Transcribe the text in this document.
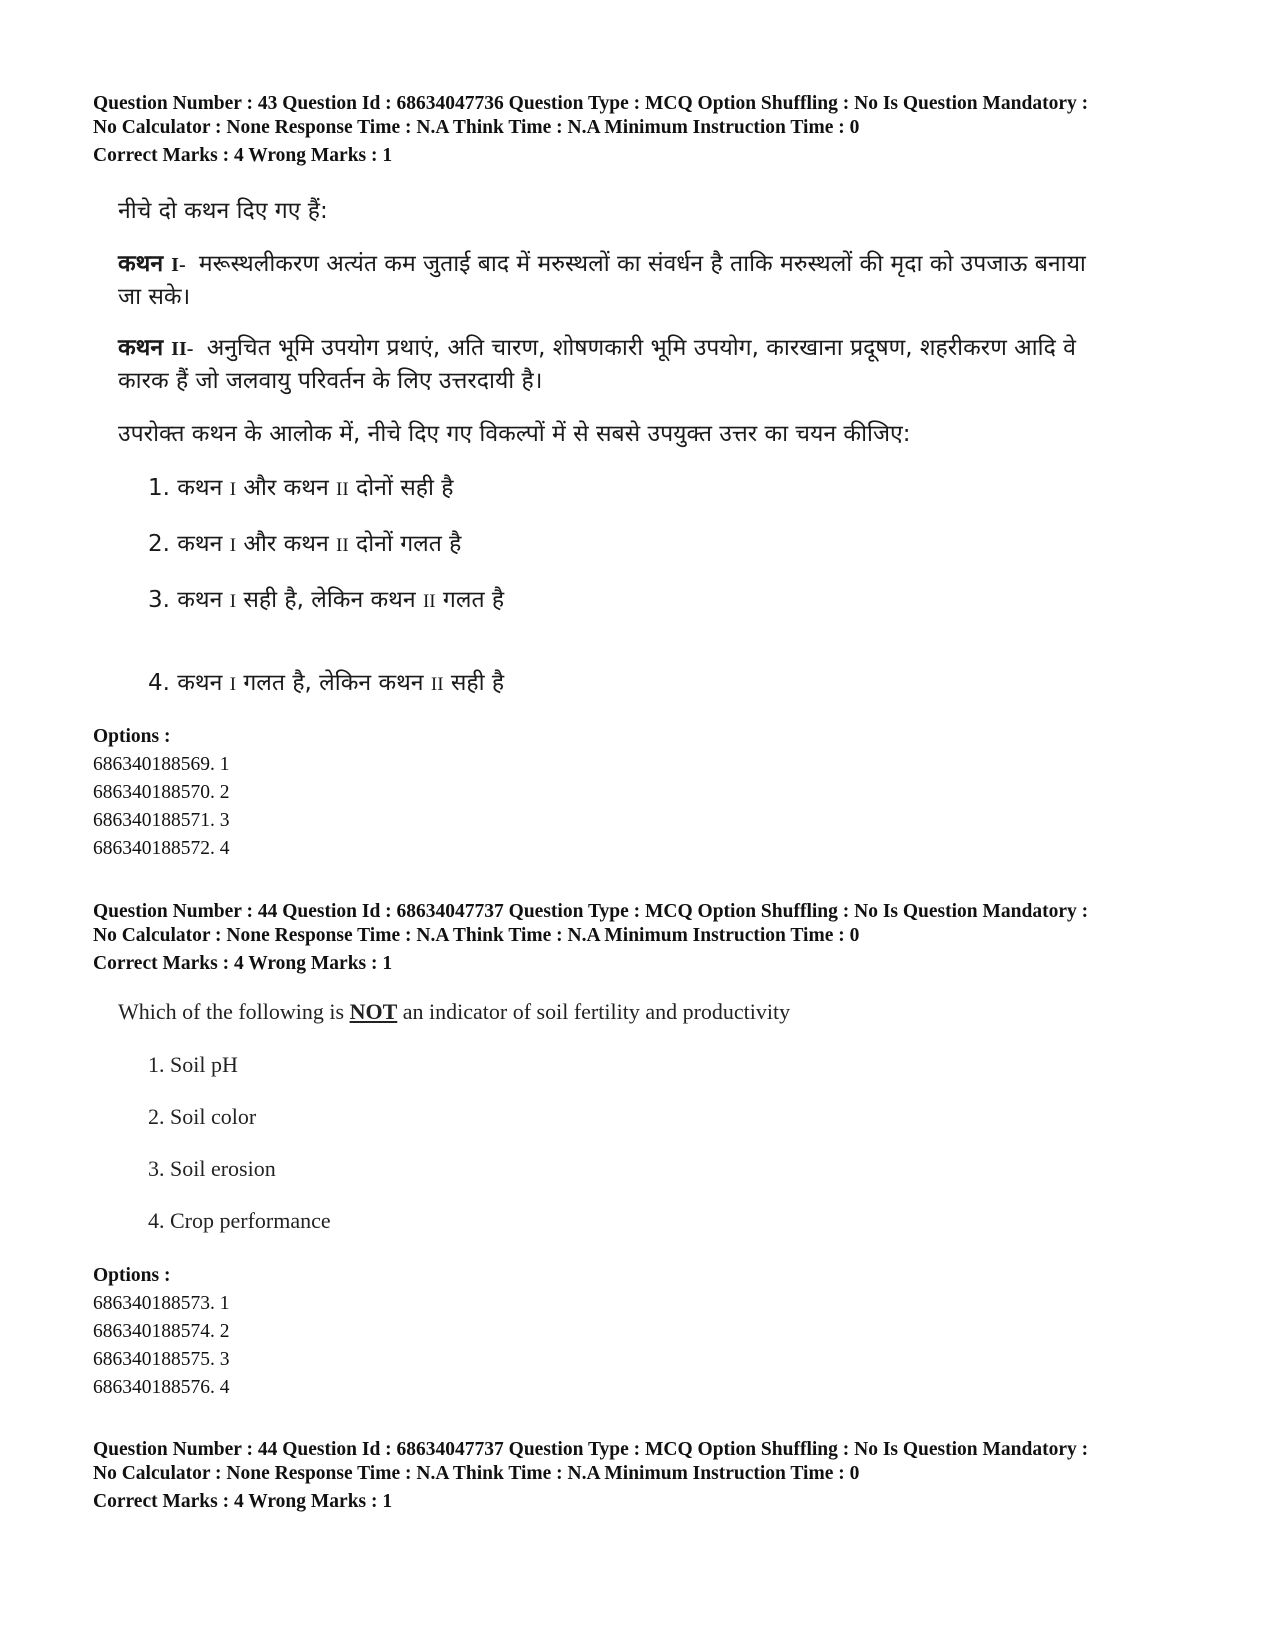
Question Number : 43 Question Id : 68634047736 Question Type : MCQ Option Shuffling : No Is Question Mandatory :
No Calculator : None Response Time : N.A Think Time : N.A Minimum Instruction Time : 0
Correct Marks : 4 Wrong Marks : 1
नीचे दो कथन दिए गए हैं:
कथन I- मरूस्थलीकरण अत्यंत कम जुताई बाद में मरुस्थलों का संवर्धन है ताकि मरुस्थलों की मृदा को उपजाऊ बनाया
जा सके।
कथन II- अनुचित भूमि उपयोग प्रथाएं, अति चारण, शोषणकारी भूमि उपयोग, कारखाना प्रदूषण, शहरीकरण आदि वे
कारक हैं जो जलवायु परिवर्तन के लिए उत्तरदायी है।
उपरोक्त कथन के आलोक में, नीचे दिए गए विकल्पों में से सबसे उपयुक्त उत्तर का चयन कीजिए:
1. कथन I और कथन II दोनों सही है
2. कथन I और कथन II दोनों गलत है
3. कथन I सही है, लेकिन कथन II गलत है
4. कथन I गलत है, लेकिन कथन II सही है
Options :
686340188569. 1
686340188570. 2
686340188571. 3
686340188572. 4
Question Number : 44 Question Id : 68634047737 Question Type : MCQ Option Shuffling : No Is Question Mandatory :
No Calculator : None Response Time : N.A Think Time : N.A Minimum Instruction Time : 0
Correct Marks : 4 Wrong Marks : 1
Which of the following is NOT an indicator of soil fertility and productivity
1. Soil pH
2. Soil color
3. Soil erosion
4. Crop performance
Options :
686340188573. 1
686340188574. 2
686340188575. 3
686340188576. 4
Question Number : 44 Question Id : 68634047737 Question Type : MCQ Option Shuffling : No Is Question Mandatory :
No Calculator : None Response Time : N.A Think Time : N.A Minimum Instruction Time : 0
Correct Marks : 4 Wrong Marks : 1
